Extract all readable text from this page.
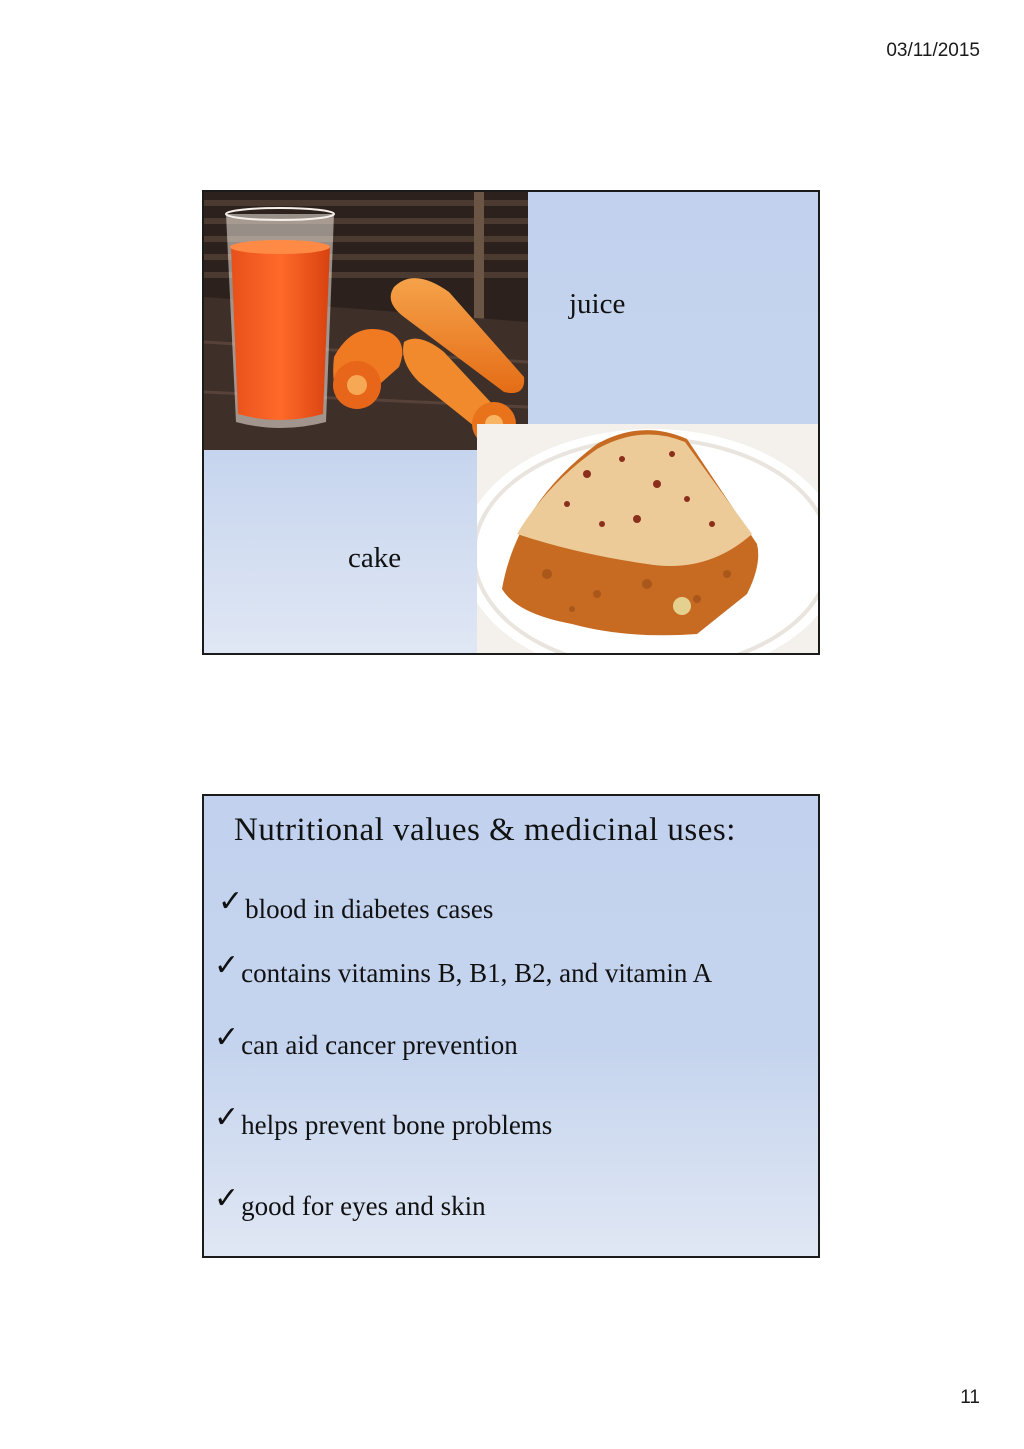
03/11/2015
juice
cake
Nutritional values & medicinal uses:
✓ blood in diabetes cases
✓ contains vitamins B, B1, B2, and vitamin A
✓ can aid cancer prevention
✓ helps prevent bone problems
✓ good for eyes and skin
11
